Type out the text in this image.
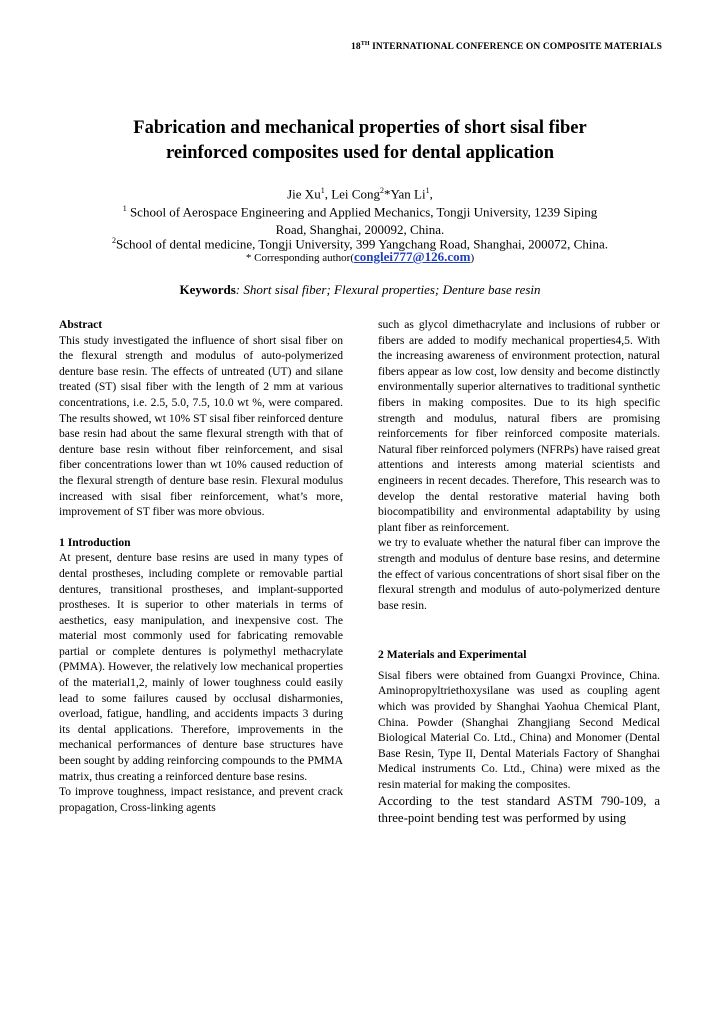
18TH INTERNATIONAL CONFERENCE ON COMPOSITE MATERIALS
Fabrication and mechanical properties of short sisal fiber
reinforced composites used for dental application
Jie Xu$^1$, Lei Cong$^2$*Yan Li$^1$,
$^1$ School of Aerospace Engineering and Applied Mechanics, Tongji University, 1239 Siping
Road, Shanghai, 200092, China.
$^2$School of dental medicine, Tongji University, 399 Yangchang Road, Shanghai, 200072, China.
* Corresponding author(conglei777@126.com)
Keywords: Short sisal fiber; Flexural properties; Denture base resin
Abstract

This study investigated the influence of short sisal fiber on the flexural strength and modulus of auto-polymerized denture base resin. The effects of untreated (UT) and silane treated (ST) sisal fiber with the length of 2 mm at various concentrations, i.e. 2.5, 5.0, 7.5, 10.0 wt %, were compared. The results showed, wt 10% ST sisal fiber reinforced denture base resin had about the same flexural strength with that of denture base resin without fiber reinforcement, and sisal fiber concentrations lower than wt 10% caused reduction of the flexural strength of denture base resin. Flexural modulus increased with sisal fiber reinforcement, what’s more, improvement of ST fiber was more obvious.

1 Introduction

At present, denture base resins are used in many types of dental prostheses, including complete or removable partial dentures, transitional prostheses, and implant-supported prostheses. It is superior to other materials in terms of aesthetics, easy manipulation, and inexpensive cost. The material most commonly used for fabricating removable partial or complete dentures is polymethyl methacrylate (PMMA). However, the relatively low mechanical properties of the material1,2, mainly of lower toughness could easily lead to some failures caused by occlusal disharmonies, overload, fatigue, handling, and accidents impacts 3 during its dental applications. Therefore, improvements in the mechanical performances of denture base structures have been sought by adding reinforcing compounds to the PMMA matrix, thus creating a reinforced denture base resins.

To improve toughness, impact resistance, and prevent crack propagation, Cross-linking agents

such as glycol dimethacrylate and inclusions of rubber or fibers are added to modify mechanical properties4,5. With the increasing awareness of environment protection, natural fibers appear as low cost, low density and become distinctly environmentally superior alternatives to traditional synthetic fibers in making composites. Due to its high specific strength and modulus, natural fibers are promising reinforcements for fiber reinforced composite materials. Natural fiber reinforced polymers (NFRPs) have raised great attentions and interests among material scientists and engineers in recent decades. Therefore, This research was to develop the dental restorative material having both biocompatibility and environmental adaptability by using plant fiber as reinforcement.

we try to evaluate whether the natural fiber can improve the strength and modulus of denture base resins, and determine the effect of various concentrations of short sisal fiber on the flexural strength and modulus of auto-polymerized denture base resin.

2 Materials and Experimental

Sisal fibers were obtained from Guangxi Province, China. Aminopropyltriethoxysilane was used as coupling agent which was provided by Shanghai Yaohua Chemical Plant, China. Powder (Shanghai Zhangjiang Second Medical Biological Material Co. Ltd., China) and Monomer (Dental Base Resin, Type II, Dental Materials Factory of Shanghai Medical instruments Co. Ltd., China) were mixed as the resin material for making the composites.

According to the test standard ASTM 790-109, a three-point bending test was performed by using
